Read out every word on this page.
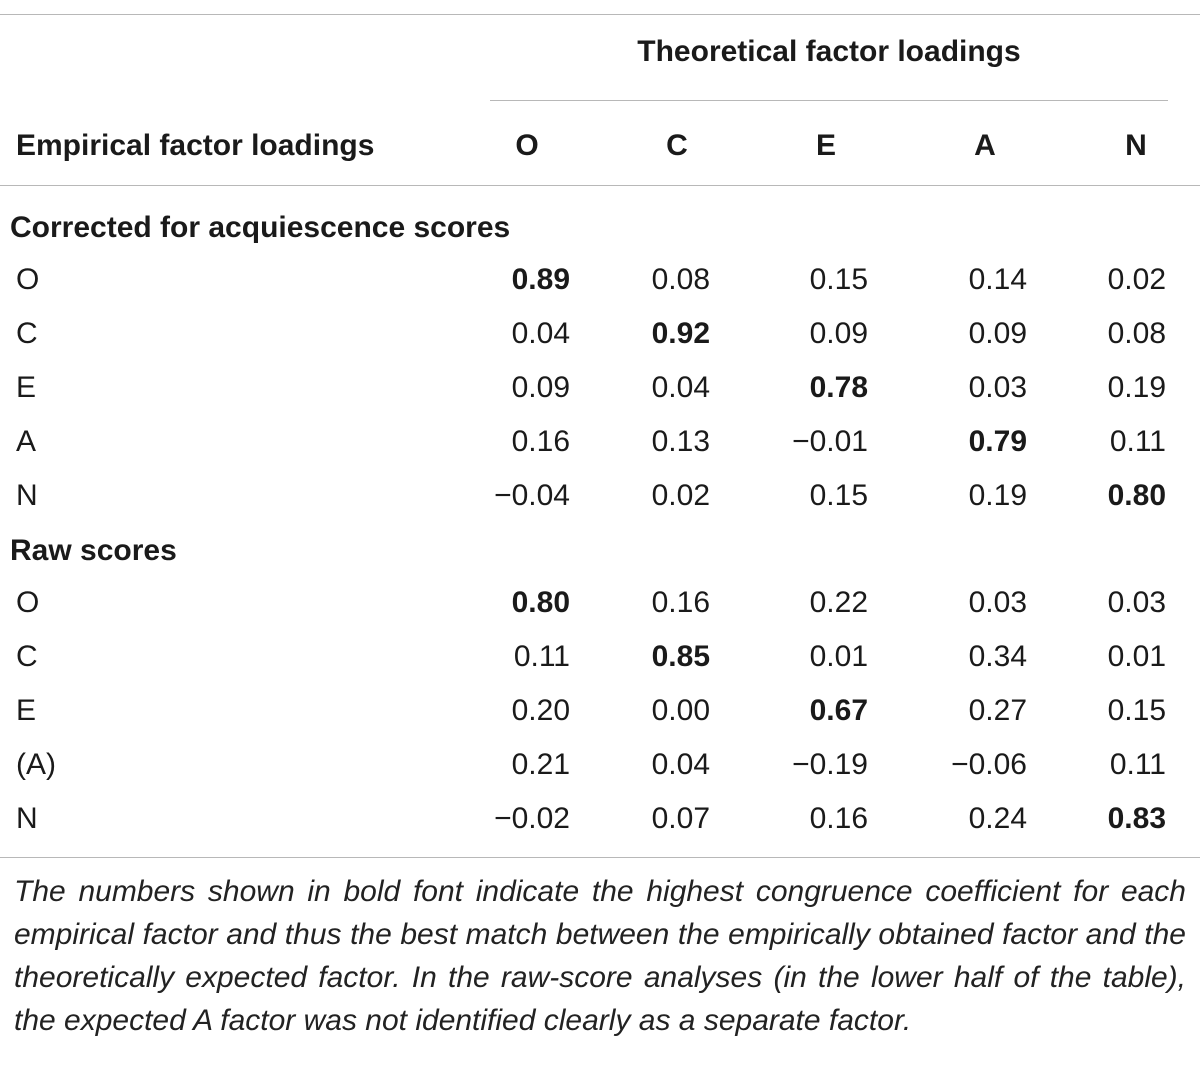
Theoretical factor loadings
Empirical factor loadings	O	C	E	A	N
Corrected for acquiescence scores
O	0.89	0.08	0.15	0.14	0.02
C	0.04	0.92	0.09	0.09	0.08
E	0.09	0.04	0.78	0.03	0.19
A	0.16	0.13	−0.01	0.79	0.11
N	−0.04	0.02	0.15	0.19	0.80
Raw scores
O	0.80	0.16	0.22	0.03	0.03
C	0.11	0.85	0.01	0.34	0.01
E	0.20	0.00	0.67	0.27	0.15
(A)	0.21	0.04	−0.19	−0.06	0.11
N	−0.02	0.07	0.16	0.24	0.83
The numbers shown in bold font indicate the highest congruence coefficient for each empirical factor and thus the best match between the empirically obtained factor and the theoretically expected factor. In the raw-score analyses (in the lower half of the table), the expected A factor was not identified clearly as a separate factor.
